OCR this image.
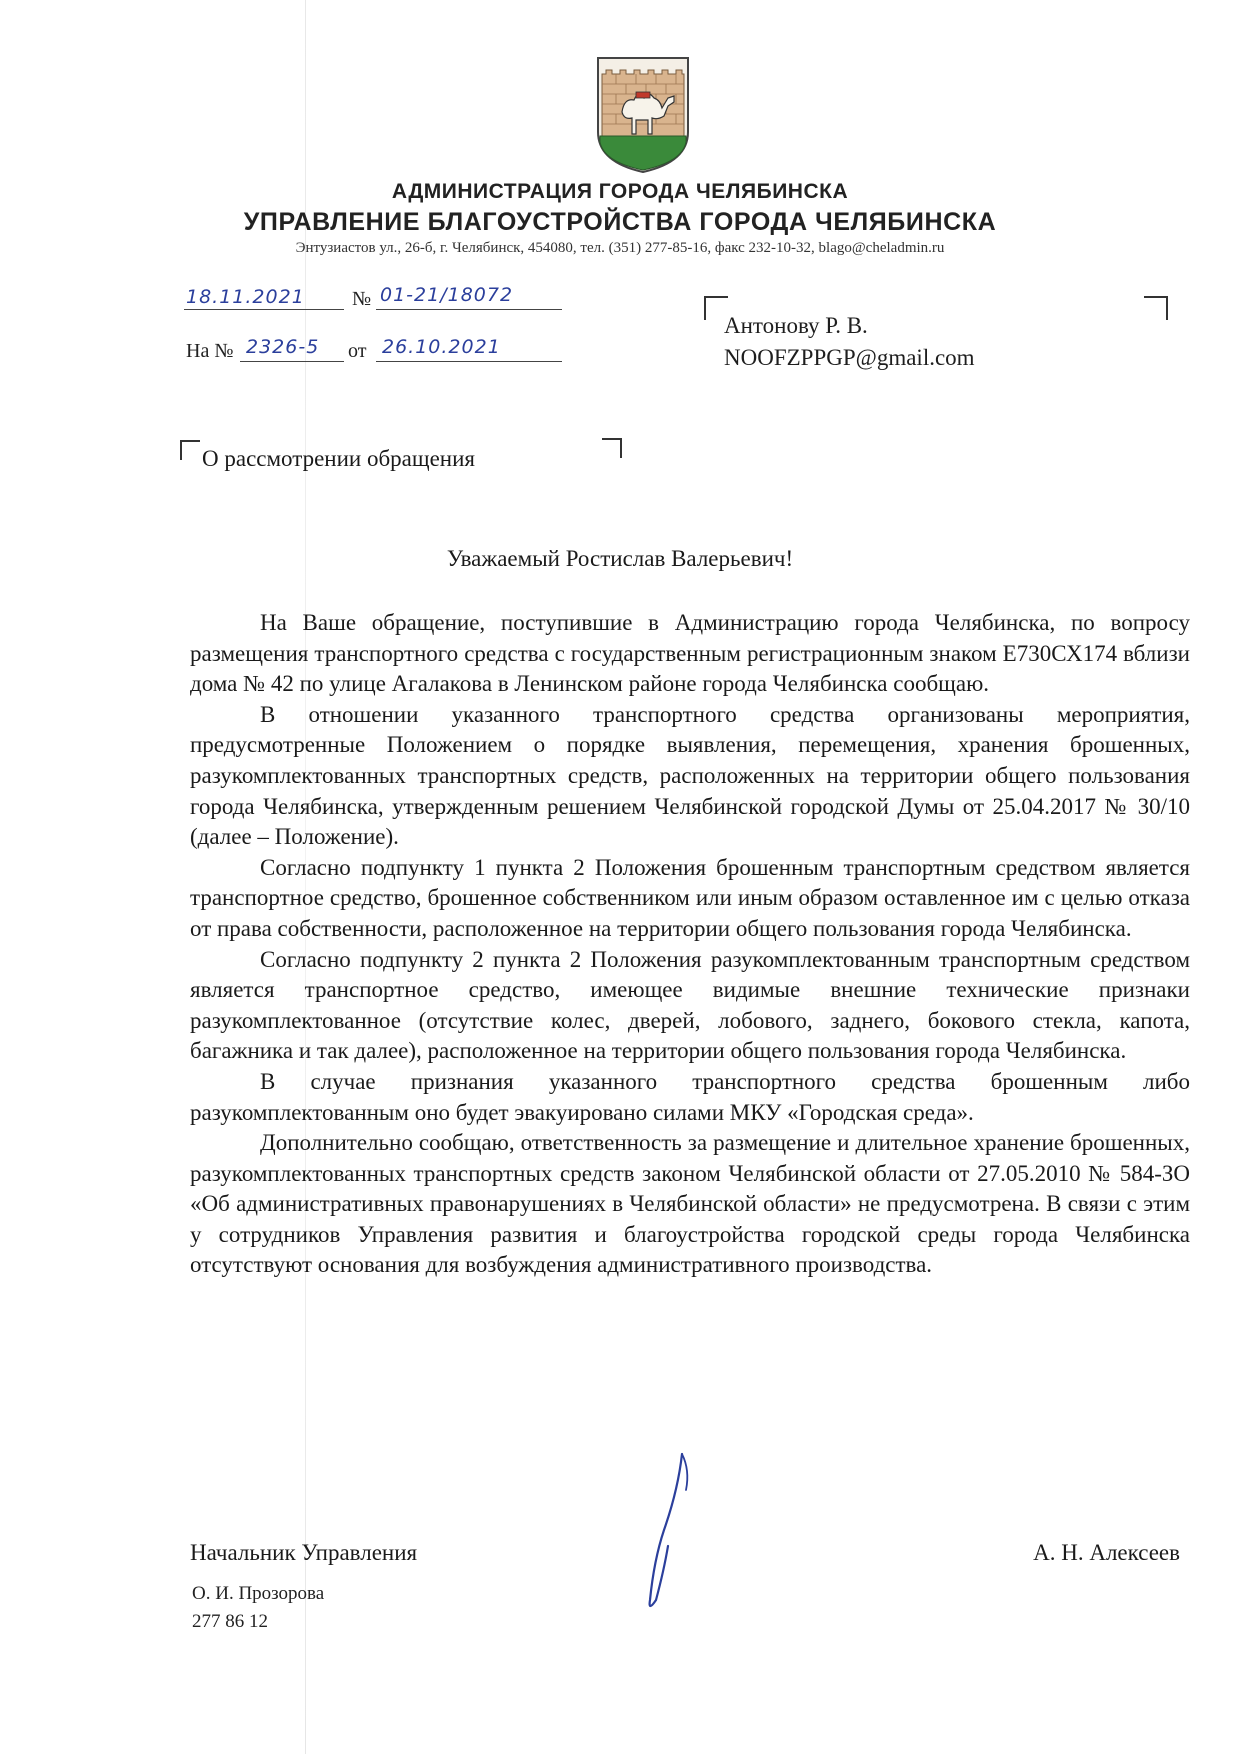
АДМИНИСТРАЦИЯ ГОРОДА ЧЕЛЯБИНСКА
УПРАВЛЕНИЕ БЛАГОУСТРОЙСТВА ГОРОДА ЧЕЛЯБИНСКА
Энтузиастов ул., 26-б, г. Челябинск, 454080, тел. (351) 277-85-16, факс 232-10-32, blago@cheladmin.ru
18.11.2021 № 01-21/18072
На № 2326-5 от 26.10.2021
Антонову Р. В.
NOOFZPPGP@gmail.com
О рассмотрении обращения
Уважаемый Ростислав Валерьевич!

На Ваше обращение, поступившие в Администрацию города Челябинска, по вопросу размещения транспортного средства с государственным регистрационным знаком Е730СХ174 вблизи дома № 42 по улице Агалакова в Ленинском районе города Челябинска сообщаю.

В отношении указанного транспортного средства организованы мероприятия, предусмотренные Положением о порядке выявления, перемещения, хранения брошенных, разукомплектованных транспортных средств, расположенных на территории общего пользования города Челябинска, утвержденным решением Челябинской городской Думы от 25.04.2017 № 30/10 (далее – Положение).

Согласно подпункту 1 пункта 2 Положения брошенным транспортным средством является транспортное средство, брошенное собственником или иным образом оставленное им с целью отказа от права собственности, расположенное на территории общего пользования города Челябинска.

Согласно подпункту 2 пункта 2 Положения разукомплектованным транспортным средством является транспортное средство, имеющее видимые внешние технические признаки разукомплектованное (отсутствие колес, дверей, лобового, заднего, бокового стекла, капота, багажника и так далее), расположенное на территории общего пользования города Челябинска.

В случае признания указанного транспортного средства брошенным либо разукомплектованным оно будет эвакуировано силами МКУ «Городская среда».

Дополнительно сообщаю, ответственность за размещение и длительное хранение брошенных, разукомплектованных транспортных средств законом Челябинской области от 27.05.2010 № 584-ЗО «Об административных правонарушениях в Челябинской области» не предусмотрена. В связи с этим у сотрудников Управления развития и благоустройства городской среды города Челябинска отсутствуют основания для возбуждения административного производства.

Начальник Управления	А. Н. Алексеев
О. И. Прозорова
277 86 12
